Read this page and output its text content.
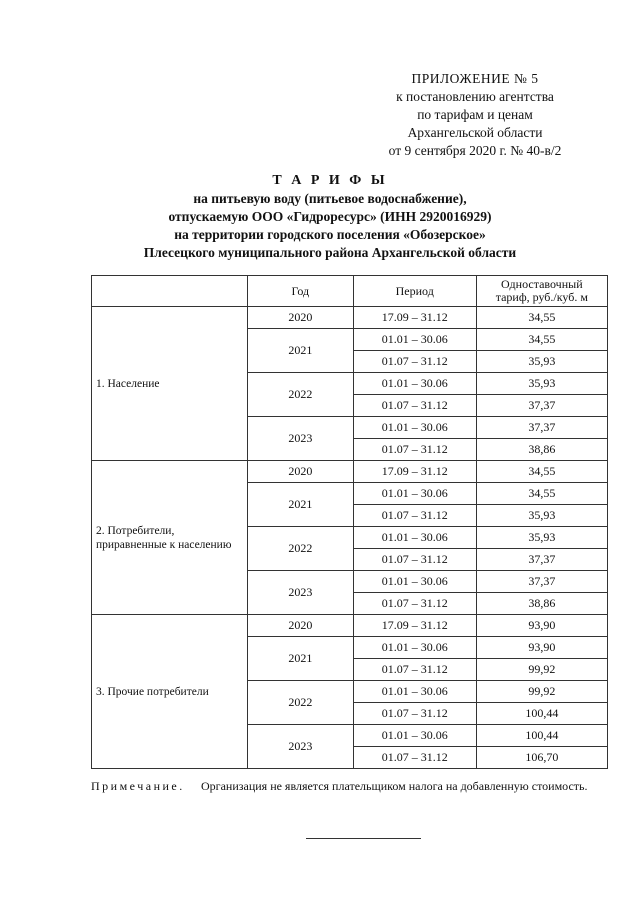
ПРИЛОЖЕНИЕ № 5
к постановлению агентства
по тарифам и ценам
Архангельской области
от 9 сентября 2020 г. № 40-в/2
Т А Р И Ф Ы
на питьевую воду (питьевое водоснабжение),
отпускаемую ООО «Гидроресурс» (ИНН 2920016929)
на территории городского поселения «Обозерское»
Плесецкого муниципального района Архангельской области
	Год	Период	Одноставочный
тариф, руб./куб. м

1. Население	2020	17.09 – 31.12	34,55
	2021	01.01 – 30.06	34,55
		01.07 – 31.12	35,93
	2022	01.01 – 30.06	35,93
		01.07 – 31.12	37,37
	2023	01.01 – 30.06	37,37
		01.07 – 31.12	38,86
2. Потребители, приравненные к населению	2020	17.09 – 31.12	34,55
	2021	01.01 – 30.06	34,55
		01.07 – 31.12	35,93
	2022	01.01 – 30.06	35,93
		01.07 – 31.12	37,37
	2023	01.01 – 30.06	37,37
		01.07 – 31.12	38,86
3. Прочие потребители	2020	17.09 – 31.12	93,90
	2021	01.01 – 30.06	93,90
		01.07 – 31.12	99,92
	2022	01.01 – 30.06	99,92
		01.07 – 31.12	100,44
	2023	01.01 – 30.06	100,44
		01.07 – 31.12	106,70
Примечание. Организация не является плательщиком налога на добавленную стоимость.
